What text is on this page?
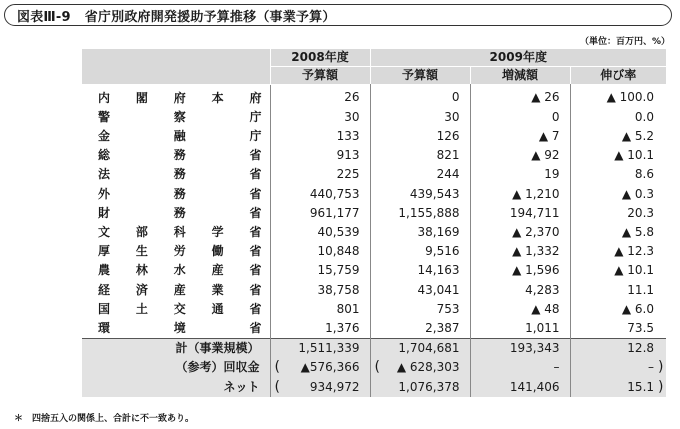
図表Ⅲ-9 省庁別政府開発援助予算推移（事業予算）
（単位：百万円、%）
	2008年度	2009年度		
	予算額	予算額	増減額	伸び率

内 閣 府 本 府	26	0	▲ 26	▲ 100.0

警 察 庁	30	30	0	0.0

金 融 庁	133	126	▲ 7	▲ 5.2

総 務 省	913	821	▲ 92	▲ 10.1

法 務 省	225	244	19	8.6

外 務 省	440,753	439,543	▲ 1,210	▲ 0.3

財 務 省	961,177	1,155,888	194,711	20.3

文 部 科 学 省	40,539	38,169	▲ 2,370	▲ 5.8

厚 生 労 働 省	10,848	9,516	▲ 1,332	▲ 12.3

農 林 水 産 省	15,759	14,163	▲ 1,596	▲ 10.1

経 済 産 業 省	38,758	43,041	4,283	11.1

国 土 交 通 省	801	753	▲ 48	▲ 6.0

環 境 省	1,376	2,387	1,011	73.5
計（事業規模）	1,511,339	1,704,681	193,343	12.8
（参考）回収金	( ▲576,366	( ▲ 628,303	–	– )

ネット	( 934,972	1,076,378	141,406	15.1 )
＊　四捨五入の関係上、合計に不一致あり。
